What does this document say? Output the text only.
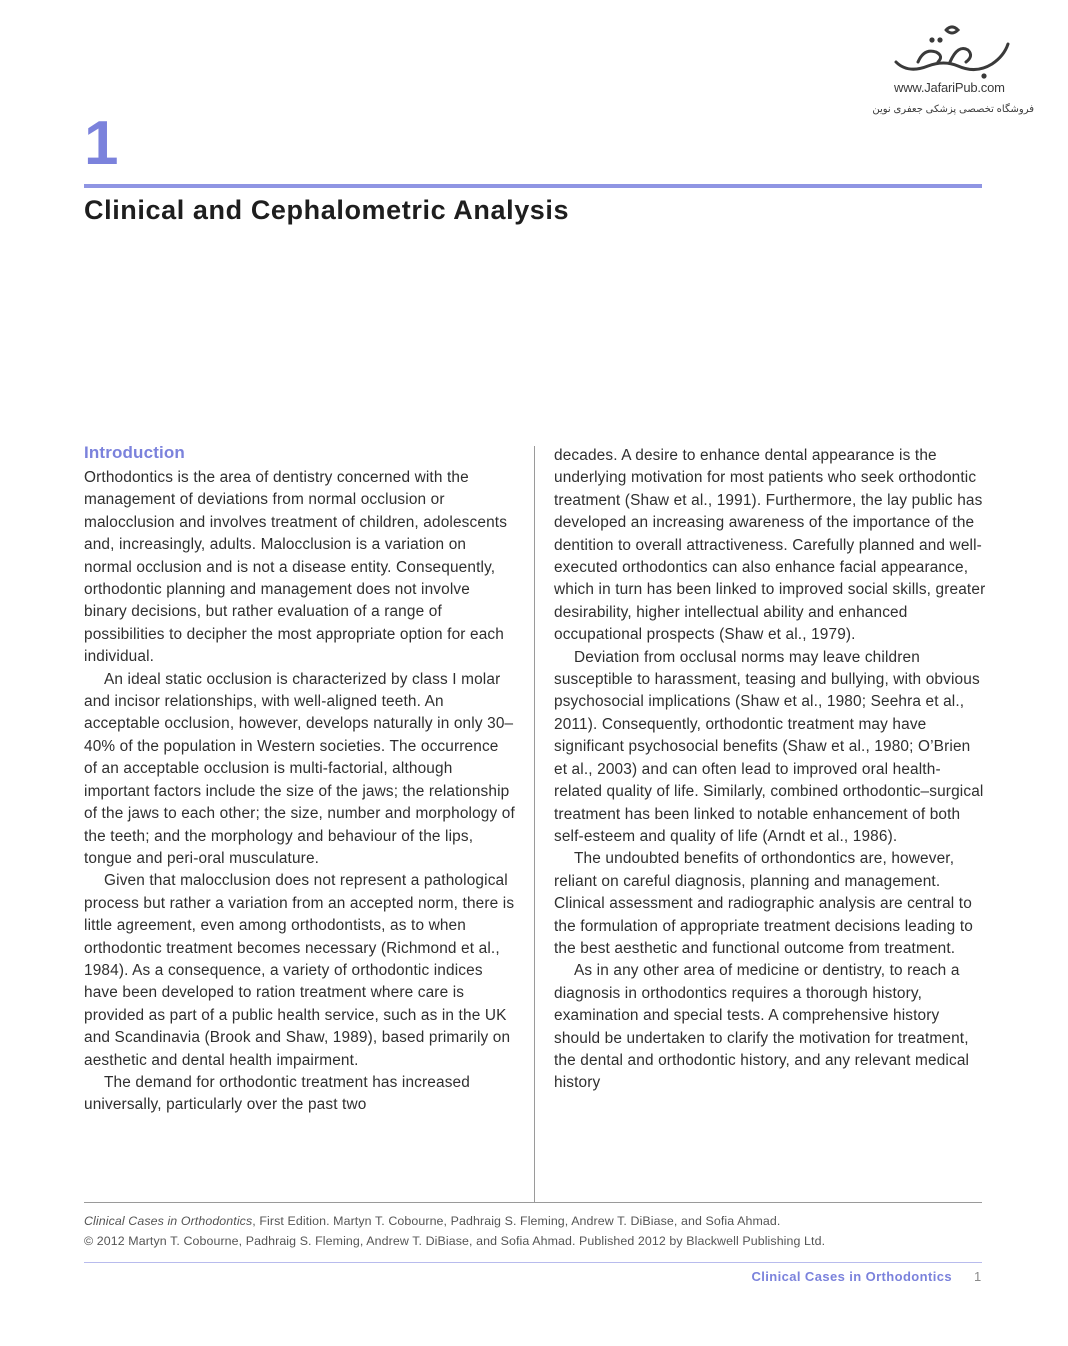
www.JafariPub.com
فروشگاه تخصصی پزشکی جعفری نوین
1
Clinical and Cephalometric Analysis
Introduction

Orthodontics is the area of dentistry concerned with the management of deviations from normal occlusion or malocclusion and involves treatment of children, adolescents and, increasingly, adults. Malocclusion is a variation on normal occlusion and is not a disease entity. Consequently, orthodontic planning and management does not involve binary decisions, but rather evaluation of a range of possibilities to decipher the most appropriate option for each individual.

An ideal static occlusion is characterized by class I molar and incisor relationships, with well-aligned teeth. An acceptable occlusion, however, develops naturally in only 30–40% of the population in Western societies. The occurrence of an acceptable occlusion is multi-factorial, although important factors include the size of the jaws; the relationship of the jaws to each other; the size, number and morphology of the teeth; and the morphology and behaviour of the lips, tongue and peri-oral musculature.

Given that malocclusion does not represent a pathological process but rather a variation from an accepted norm, there is little agreement, even among orthodontists, as to when orthodontic treatment becomes necessary (Richmond et al., 1984). As a consequence, a variety of orthodontic indices have been developed to ration treatment where care is provided as part of a public health service, such as in the UK and Scandinavia (Brook and Shaw, 1989), based primarily on aesthetic and dental health impairment.

The demand for orthodontic treatment has increased universally, particularly over the past two

decades. A desire to enhance dental appearance is the underlying motivation for most patients who seek orthodontic treatment (Shaw et al., 1991). Furthermore, the lay public has developed an increasing awareness of the importance of the dentition to overall attractiveness. Carefully planned and well-executed orthodontics can also enhance facial appearance, which in turn has been linked to improved social skills, greater desirability, higher intellectual ability and enhanced occupational prospects (Shaw et al., 1979).

Deviation from occlusal norms may leave children susceptible to harassment, teasing and bullying, with obvious psychosocial implications (Shaw et al., 1980; Seehra et al., 2011). Consequently, orthodontic treatment may have significant psychosocial benefits (Shaw et al., 1980; O’Brien et al., 2003) and can often lead to improved oral health-related quality of life. Similarly, combined orthodontic–surgical treatment has been linked to notable enhancement of both self-esteem and quality of life (Arndt et al., 1986).

The undoubted benefits of orthondontics are, however, reliant on careful diagnosis, planning and management. Clinical assessment and radiographic analysis are central to the formulation of appropriate treatment decisions leading to the best aesthetic and functional outcome from treatment.

As in any other area of medicine or dentistry, to reach a diagnosis in orthodontics requires a thorough history, examination and special tests. A comprehensive history should be undertaken to clarify the motivation for treatment, the dental and orthodontic history, and any relevant medical history

Clinical Cases in Orthodontics, First Edition. Martyn T. Cobourne, Padhraig S. Fleming, Andrew T. DiBiase, and Sofia Ahmad.
© 2012 Martyn T. Cobourne, Padhraig S. Fleming, Andrew T. DiBiase, and Sofia Ahmad. Published 2012 by Blackwell Publishing Ltd.
Clinical Cases in Orthodontics 1
